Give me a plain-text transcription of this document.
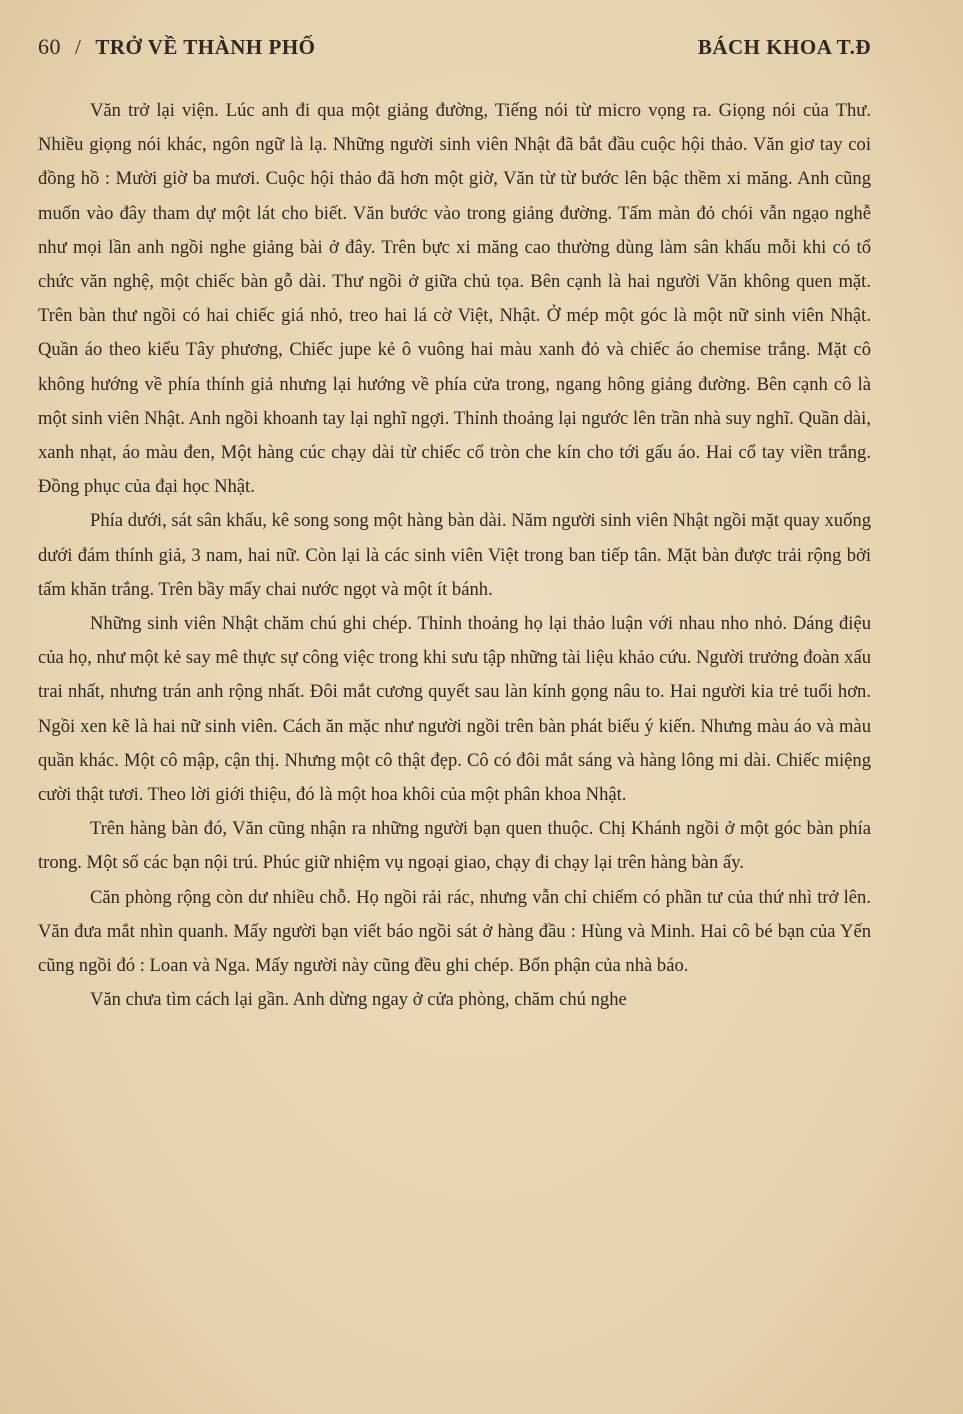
60 / TRỞ VỀ THÀNH PHỐ	BÁCH KHOA T.Đ

Văn trở lại viện. Lúc anh đi qua một giảng đường, Tiếng nói từ micro vọng ra. Giọng nói của Thư. Nhiều giọng nói khác, ngôn ngữ là lạ. Những người sinh viên Nhật đã bắt đầu cuộc hội thảo. Văn giơ tay coi đồng hồ : Mười giờ ba mươi. Cuộc hội thảo đã hơn một giờ, Văn từ từ bước lên bậc thềm xi măng. Anh cũng muốn vào đây tham dự một lát cho biết. Văn bước vào trong giảng đường. Tấm màn đỏ chói vẫn ngạo nghễ như mọi lần anh ngồi nghe giảng bài ở đây. Trên bực xi măng cao thường dùng làm sân khấu mỗi khi có tổ chức văn nghệ, một chiếc bàn gỗ dài. Thư ngồi ở giữa chủ tọa. Bên cạnh là hai người Văn không quen mặt. Trên bàn thư ngồi có hai chiếc giá nhỏ, treo hai lá cờ Việt, Nhật. Ở mép một góc là một nữ sinh viên Nhật. Quần áo theo kiểu Tây phương, Chiếc jupe kẻ ô vuông hai màu xanh đỏ và chiếc áo chemise trắng. Mặt cô không hướng về phía thính giả nhưng lại hướng về phía cửa trong, ngang hông giảng đường. Bên cạnh cô là một sinh viên Nhật. Anh ngồi khoanh tay lại nghĩ ngợi. Thỉnh thoảng lại ngước lên trần nhà suy nghĩ. Quần dài, xanh nhạt, áo màu đen, Một hàng cúc chạy dài từ chiếc cổ tròn che kín cho tới gấu áo. Hai cổ tay viền trắng. Đồng phục của đại học Nhật.

Phía dưới, sát sân khấu, kê song song một hàng bàn dài. Năm người sinh viên Nhật ngồi mặt quay xuống dưới đám thính giả, 3 nam, hai nữ. Còn lại là các sinh viên Việt trong ban tiếp tân. Mặt bàn được trải rộng bởi tấm khăn trắng. Trên bầy mấy chai nước ngọt và một ít bánh.

Những sinh viên Nhật chăm chú ghi chép. Thỉnh thoảng họ lại thảo luận với nhau nho nhỏ. Dáng điệu của họ, như một kẻ say mê thực sự công việc trong khi sưu tập những tài liệu khảo cứu. Người trưởng đoàn xấu trai nhất, nhưng trán anh rộng nhất. Đôi mắt cương quyết sau làn kính gọng nâu to. Hai người kia trẻ tuổi hơn. Ngồi xen kẽ là hai nữ sinh viên. Cách ăn mặc như người ngồi trên bàn phát biểu ý kiến. Nhưng màu áo và màu quần khác. Một cô mập, cận thị. Nhưng một cô thật đẹp. Cô có đôi mắt sáng và hàng lông mi dài. Chiếc miệng cười thật tươi. Theo lời giới thiệu, đó là một hoa khôi của một phân khoa Nhật.

Trên hàng bàn đó, Văn cũng nhận ra những người bạn quen thuộc. Chị Khánh ngồi ở một góc bàn phía trong. Một số các bạn nội trú. Phúc giữ nhiệm vụ ngoại giao, chạy đi chạy lại trên hàng bàn ấy.

Căn phòng rộng còn dư nhiều chỗ. Họ ngồi rải rác, nhưng vẫn chỉ chiếm có phần tư của thứ nhì trở lên. Văn đưa mắt nhìn quanh. Mấy người bạn viết báo ngồi sát ở hàng đầu : Hùng và Minh. Hai cô bé bạn của Yến cũng ngồi đó : Loan và Nga. Mấy người này cũng đều ghi chép. Bổn phận của nhà báo.

Văn chưa tìm cách lại gần. Anh dừng ngay ở cửa phòng, chăm chú nghe
